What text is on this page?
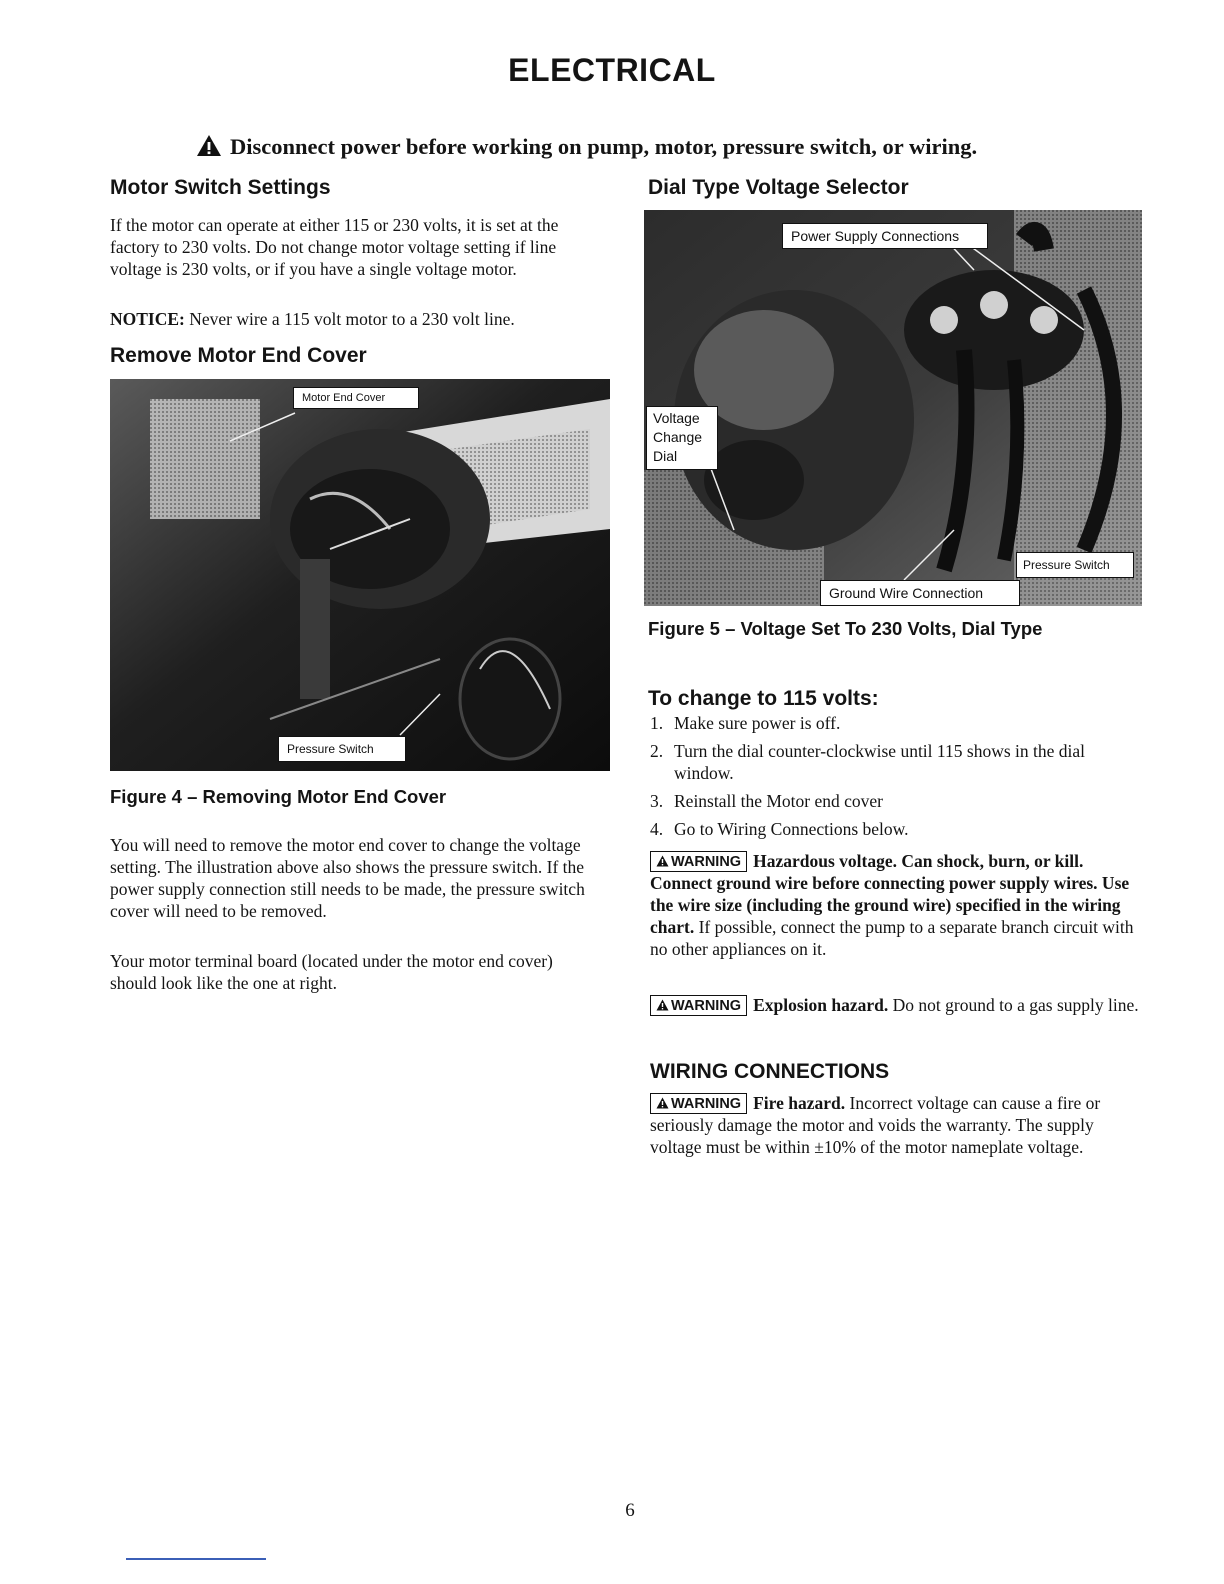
ELECTRICAL
Disconnect power before working on pump, motor, pressure switch, or wiring.
Motor Switch Settings

If the motor can operate at either 115 or 230 volts, it is set at the factory to 230 volts. Do not change motor voltage setting if line voltage is 230 volts, or if you have a single voltage motor.

NOTICE: Never wire a 115 volt motor to a 230 volt line.

Remove Motor End Cover
Motor End Cover
Pressure Switch
Figure 4 – Removing Motor End Cover

You will need to remove the motor end cover to change the voltage setting. The illustration above also shows the pressure switch. If the power supply connection still needs to be made, the pressure switch cover will need to be removed.

Your motor terminal board (located under the motor end cover) should look like the one at right.

Dial Type Voltage Selector
Power Supply Connections
Voltage
Change
Dial
Pressure Switch
Ground Wire Connection
Figure 5 – Voltage Set To 230 Volts, Dial Type
To change to 115 volts:
1. Make sure power is off.
2. Turn the dial counter-clockwise until 115 shows in the dial window.
3. Reinstall the Motor end cover
4. Go to Wiring Connections below.

WARNING Hazardous voltage. Can shock, burn, or kill. Connect ground wire before connecting power supply wires. Use the wire size (including the ground wire) specified in the wiring chart. If possible, connect the pump to a separate branch circuit with no other appliances on it.

WARNING Explosion hazard. Do not ground to a gas supply line.

WIRING CONNECTIONS

WARNING Fire hazard. Incorrect voltage can cause a fire or seriously damage the motor and voids the warranty. The supply voltage must be within ±10% of the motor nameplate voltage.

6
